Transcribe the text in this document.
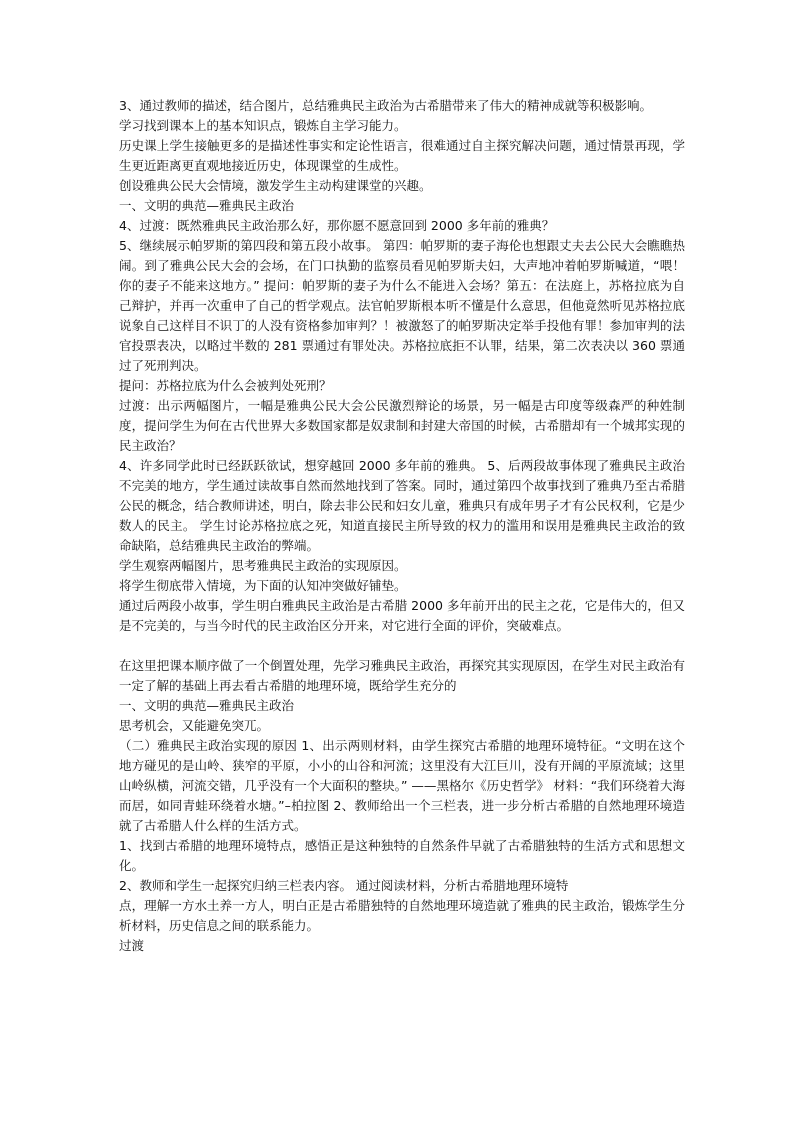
3、通过教师的描述，结合图片，总结雅典民主政治为古希腊带来了伟大的精神成就等积极影响。

学习找到课本上的基本知识点，锻炼自主学习能力。

历史课上学生接触更多的是描述性事实和定论性语言，很难通过自主探究解决问题，通过情景再现，学生更近距离更直观地接近历史，体现课堂的生成性。

创设雅典公民大会情境，激发学生主动构建课堂的兴趣。

一、文明的典范—雅典民主政治

4、过渡：既然雅典民主政治那么好，那你愿不愿意回到 2000 多年前的雅典？

5、继续展示帕罗斯的第四段和第五段小故事。 第四：帕罗斯的妻子海伦也想跟丈夫去公民大会瞧瞧热闹。到了雅典公民大会的会场，在门口执勤的监察员看见帕罗斯夫妇，大声地冲着帕罗斯喊道，“喂！你的妻子不能来这地方。” 提问：帕罗斯的妻子为什么不能进入会场？第五：在法庭上，苏格拉底为自己辩护，并再一次重申了自己的哲学观点。法官帕罗斯根本听不懂是什么意思，但他竟然听见苏格拉底说象自己这样目不识丁的人没有资格参加审判？！被激怒了的帕罗斯决定举手投他有罪！参加审判的法官投票表决，以略过半数的 281 票通过有罪处决。苏格拉底拒不认罪，结果，第二次表决以 360 票通过了死刑判决。

提问：苏格拉底为什么会被判处死刑？

过渡：出示两幅图片，一幅是雅典公民大会公民激烈辩论的场景，另一幅是古印度等级森严的种姓制度，提问学生为何在古代世界大多数国家都是奴隶制和封建大帝国的时候，古希腊却有一个城邦实现的民主政治？

4、许多同学此时已经跃跃欲试，想穿越回 2000 多年前的雅典。 5、后两段故事体现了雅典民主政治不完美的地方，学生通过读故事自然而然地找到了答案。同时，通过第四个故事找到了雅典乃至古希腊公民的概念，结合教师讲述，明白，除去非公民和妇女儿童，雅典只有成年男子才有公民权利，它是少数人的民主。 学生讨论苏格拉底之死，知道直接民主所导致的权力的滥用和误用是雅典民主政治的致命缺陷，总结雅典民主政治的弊端。

学生观察两幅图片，思考雅典民主政治的实现原因。

将学生彻底带入情境，为下面的认知冲突做好铺垫。

通过后两段小故事，学生明白雅典民主政治是古希腊 2000 多年前开出的民主之花，它是伟大的，但又是不完美的，与当今时代的民主政治区分开来，对它进行全面的评价，突破难点。

在这里把课本顺序做了一个倒置处理，先学习雅典民主政治，再探究其实现原因，在学生对民主政治有一定了解的基础上再去看古希腊的地理环境，既给学生充分的

一、文明的典范—雅典民主政治

思考机会，又能避免突兀。

（二）雅典民主政治实现的原因 1、出示两则材料，由学生探究古希腊的地理环境特征。“文明在这个地方碰见的是山岭、狭窄的平原，小小的山谷和河流；这里没有大江巨川，没有开阔的平原流域；这里山岭纵横，河流交错，几乎没有一个大面积的整块。” ——黑格尔《历史哲学》 材料：“我们环绕着大海而居，如同青蛙环绕着水塘。”–柏拉图 2、教师给出一个三栏表，进一步分析古希腊的自然地理环境造就了古希腊人什么样的生活方式。

1、找到古希腊的地理环境特点，感悟正是这种独特的自然条件早就了古希腊独特的生活方式和思想文化。

2、教师和学生一起探究归纳三栏表内容。 通过阅读材料，分析古希腊地理环境特

点，理解一方水土养一方人，明白正是古希腊独特的自然地理环境造就了雅典的民主政治，锻炼学生分析材料，历史信息之间的联系能力。

过渡
